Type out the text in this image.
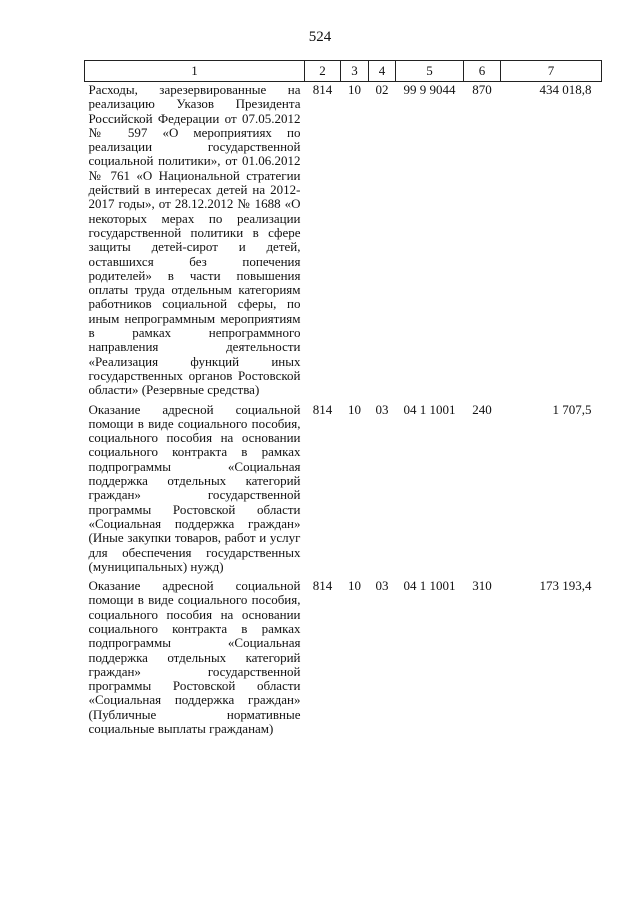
524
1	2	3	4	5	6	7
Расходы, зарезервированные на реализацию Указов Президента Российской Федерации от 07.05.2012 № 597 «О мероприятиях по реализации государственной социальной политики», от 01.06.2012 № 761 «О Национальной стратегии действий в интересах детей на 2012-2017 годы», от 28.12.2012 № 1688 «О некоторых мерах по реализации государственной политики в сфере защиты детей-сирот и детей, оставшихся без попечения родителей» в части повышения оплаты труда отдельным категориям работников социальной сферы, по иным непрограммным мероприятиям в рамках непрограммного направления деятельности «Реализация функций иных государственных органов Ростовской области» (Резервные средства)	814	10	02	99 9 9044	870	434 018,8
Оказание адресной социальной помощи в виде социального пособия, социального пособия на основании социального контракта в рамках подпрограммы «Социальная поддержка отдельных категорий граждан» государственной программы Ростовской области «Социальная поддержка граждан» (Иные закупки товаров, работ и услуг для обеспечения государственных (муниципальных) нужд)	814	10	03	04 1 1001	240	1 707,5
Оказание адресной социальной помощи в виде социального пособия, социального пособия на основании социального контракта в рамках подпрограммы «Социальная поддержка отдельных категорий граждан» государственной программы Ростовской области «Социальная поддержка граждан» (Публичные нормативные социальные выплаты гражданам)	814	10	03	04 1 1001	310	173 193,4
